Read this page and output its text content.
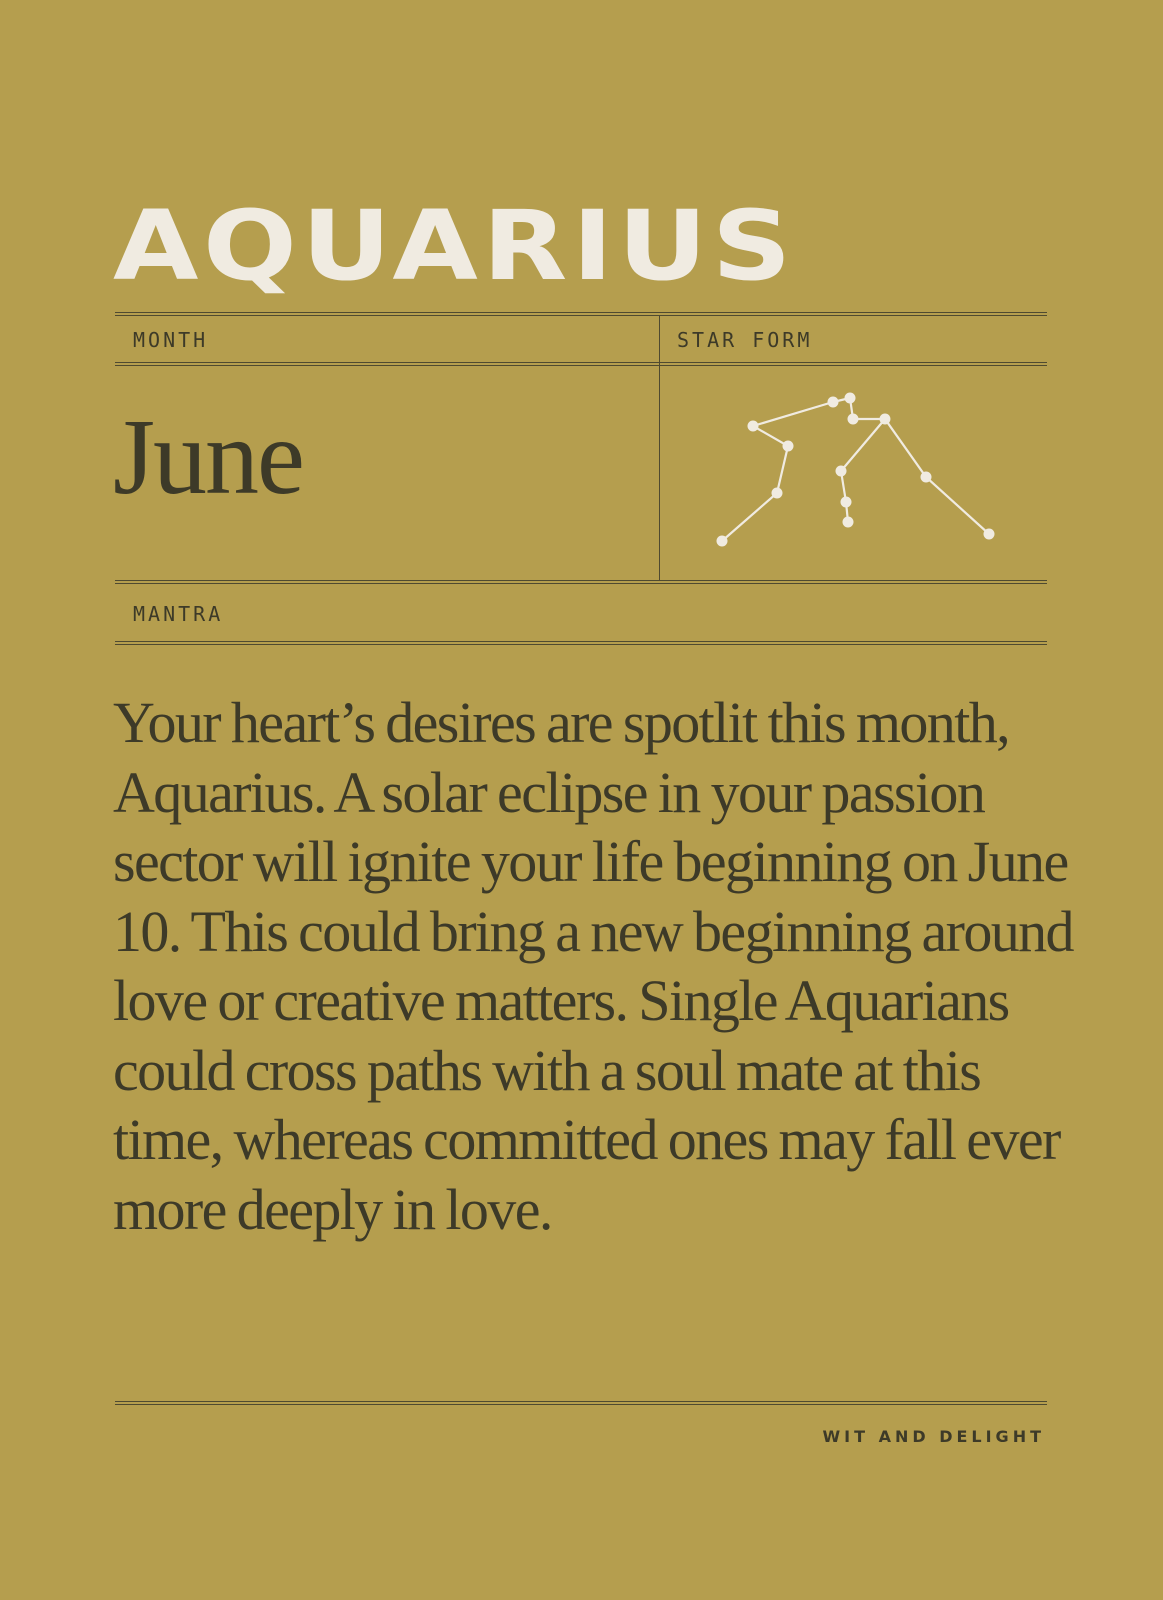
AQUARIUS
MONTH	STAR FORM
June
MANTRA

Your heart’s desires are spotlit this month, Aquarius. A solar eclipse in your passion sector will ignite your life beginning on June 10. This could bring a new beginning around love or creative matters. Single Aquarians could cross paths with a soul mate at this time, whereas committed ones may fall ever more deeply in love.

WIT AND DELIGHT
